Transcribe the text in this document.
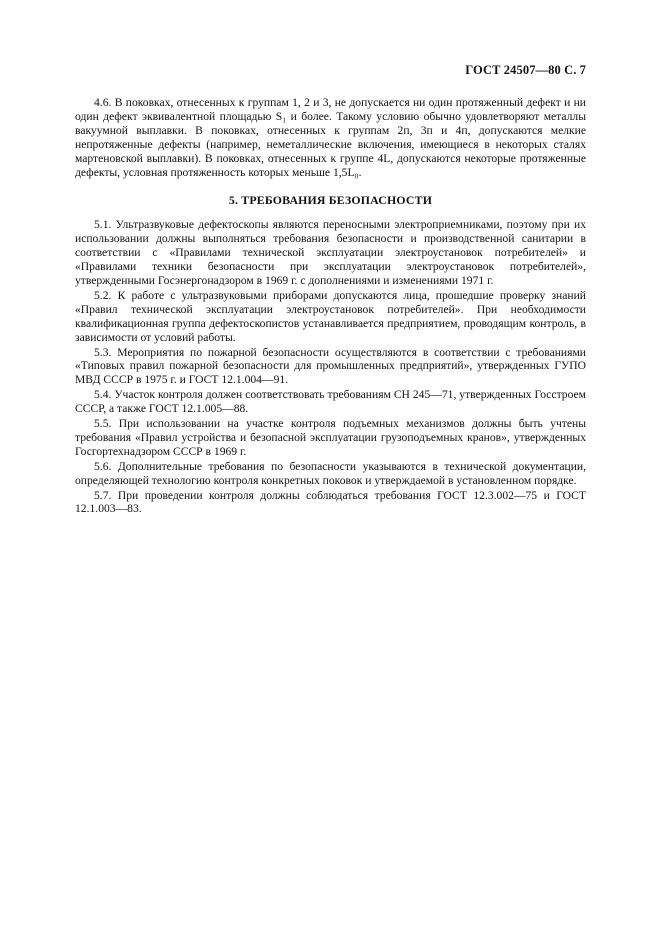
ГОСТ 24507—80 С. 7

4.6. В поковках, отнесенных к группам 1, 2 и 3, не допускается ни один протяженный дефект и ни один дефект эквивалентной площадью S₁ и более. Такому условию обычно удовлетворяют металлы вакуумной выплавки. В поковках, отнесенных к группам 2п, 3п и 4п, допускаются мелкие непротяженные дефекты (например, неметаллические включения, имеющиеся в некоторых сталях мартеновской выплавки). В поковках, отнесенных к группе 4L, допускаются некоторые протяженные дефекты, условная протяженность которых меньше 1,5L₀.

5. ТРЕБОВАНИЯ БЕЗОПАСНОСТИ

5.1. Ультразвуковые дефектоскопы являются переносными электроприемниками, поэтому при их использовании должны выполняться требования безопасности и производственной санитарии в соответствии с «Правилами технической эксплуатации электроустановок потребителей» и «Правилами техники безопасности при эксплуатации электроустановок потребителей», утвержденными Госэнергонадзором в 1969 г. с дополнениями и изменениями 1971 г.

5.2. К работе с ультразвуковыми приборами допускаются лица, прошедшие проверку знаний «Правил технической эксплуатации электроустановок потребителей». При необходимости квалификационная группа дефектоскопистов устанавливается предприятием, проводящим контроль, в зависимости от условий работы.

5.3. Мероприятия по пожарной безопасности осуществляются в соответствии с требованиями «Типовых правил пожарной безопасности для промышленных предприятий», утвержденных ГУПО МВД СССР в 1975 г. и ГОСТ 12.1.004—91.

5.4. Участок контроля должен соответствовать требованиям СН 245—71, утвержденных Госстроем СССР, а также ГОСТ 12.1.005—88.

5.5. При использовании на участке контроля подъемных механизмов должны быть учтены требования «Правил устройства и безопасной эксплуатации грузоподъемных кранов», утвержденных Госгортехнадзором СССР в 1969 г.

5.6. Дополнительные требования по безопасности указываются в технической документации, определяющей технологию контроля конкретных поковок и утверждаемой в установленном порядке.

5.7. При проведении контроля должны соблюдаться требования ГОСТ 12.3.002—75 и ГОСТ 12.1.003—83.
